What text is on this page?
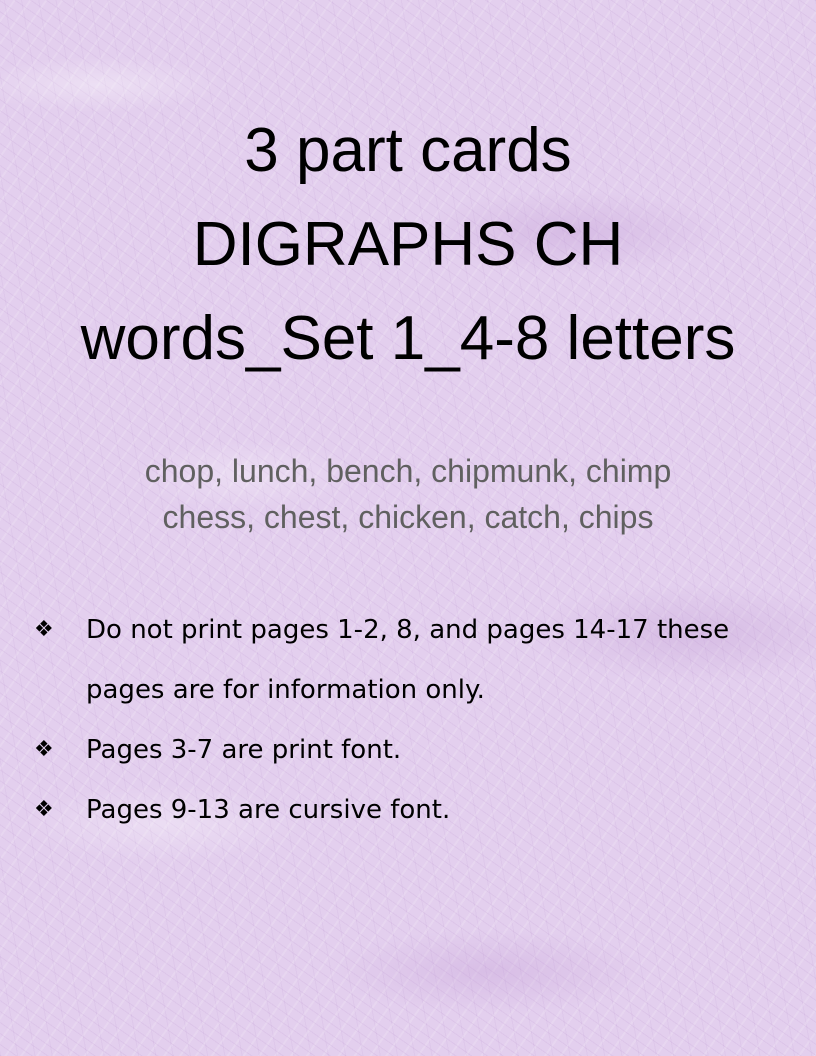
3 part cards
DIGRAPHS CH
words_Set 1_4-8 letters
chop, lunch, bench, chipmunk, chimp
chess, chest, chicken, catch, chips
❖	Do not print pages 1-2, 8, and pages 14-17 these pages are for information only.
❖	Pages 3-7 are print font.
❖	Pages 9-13 are cursive font.
